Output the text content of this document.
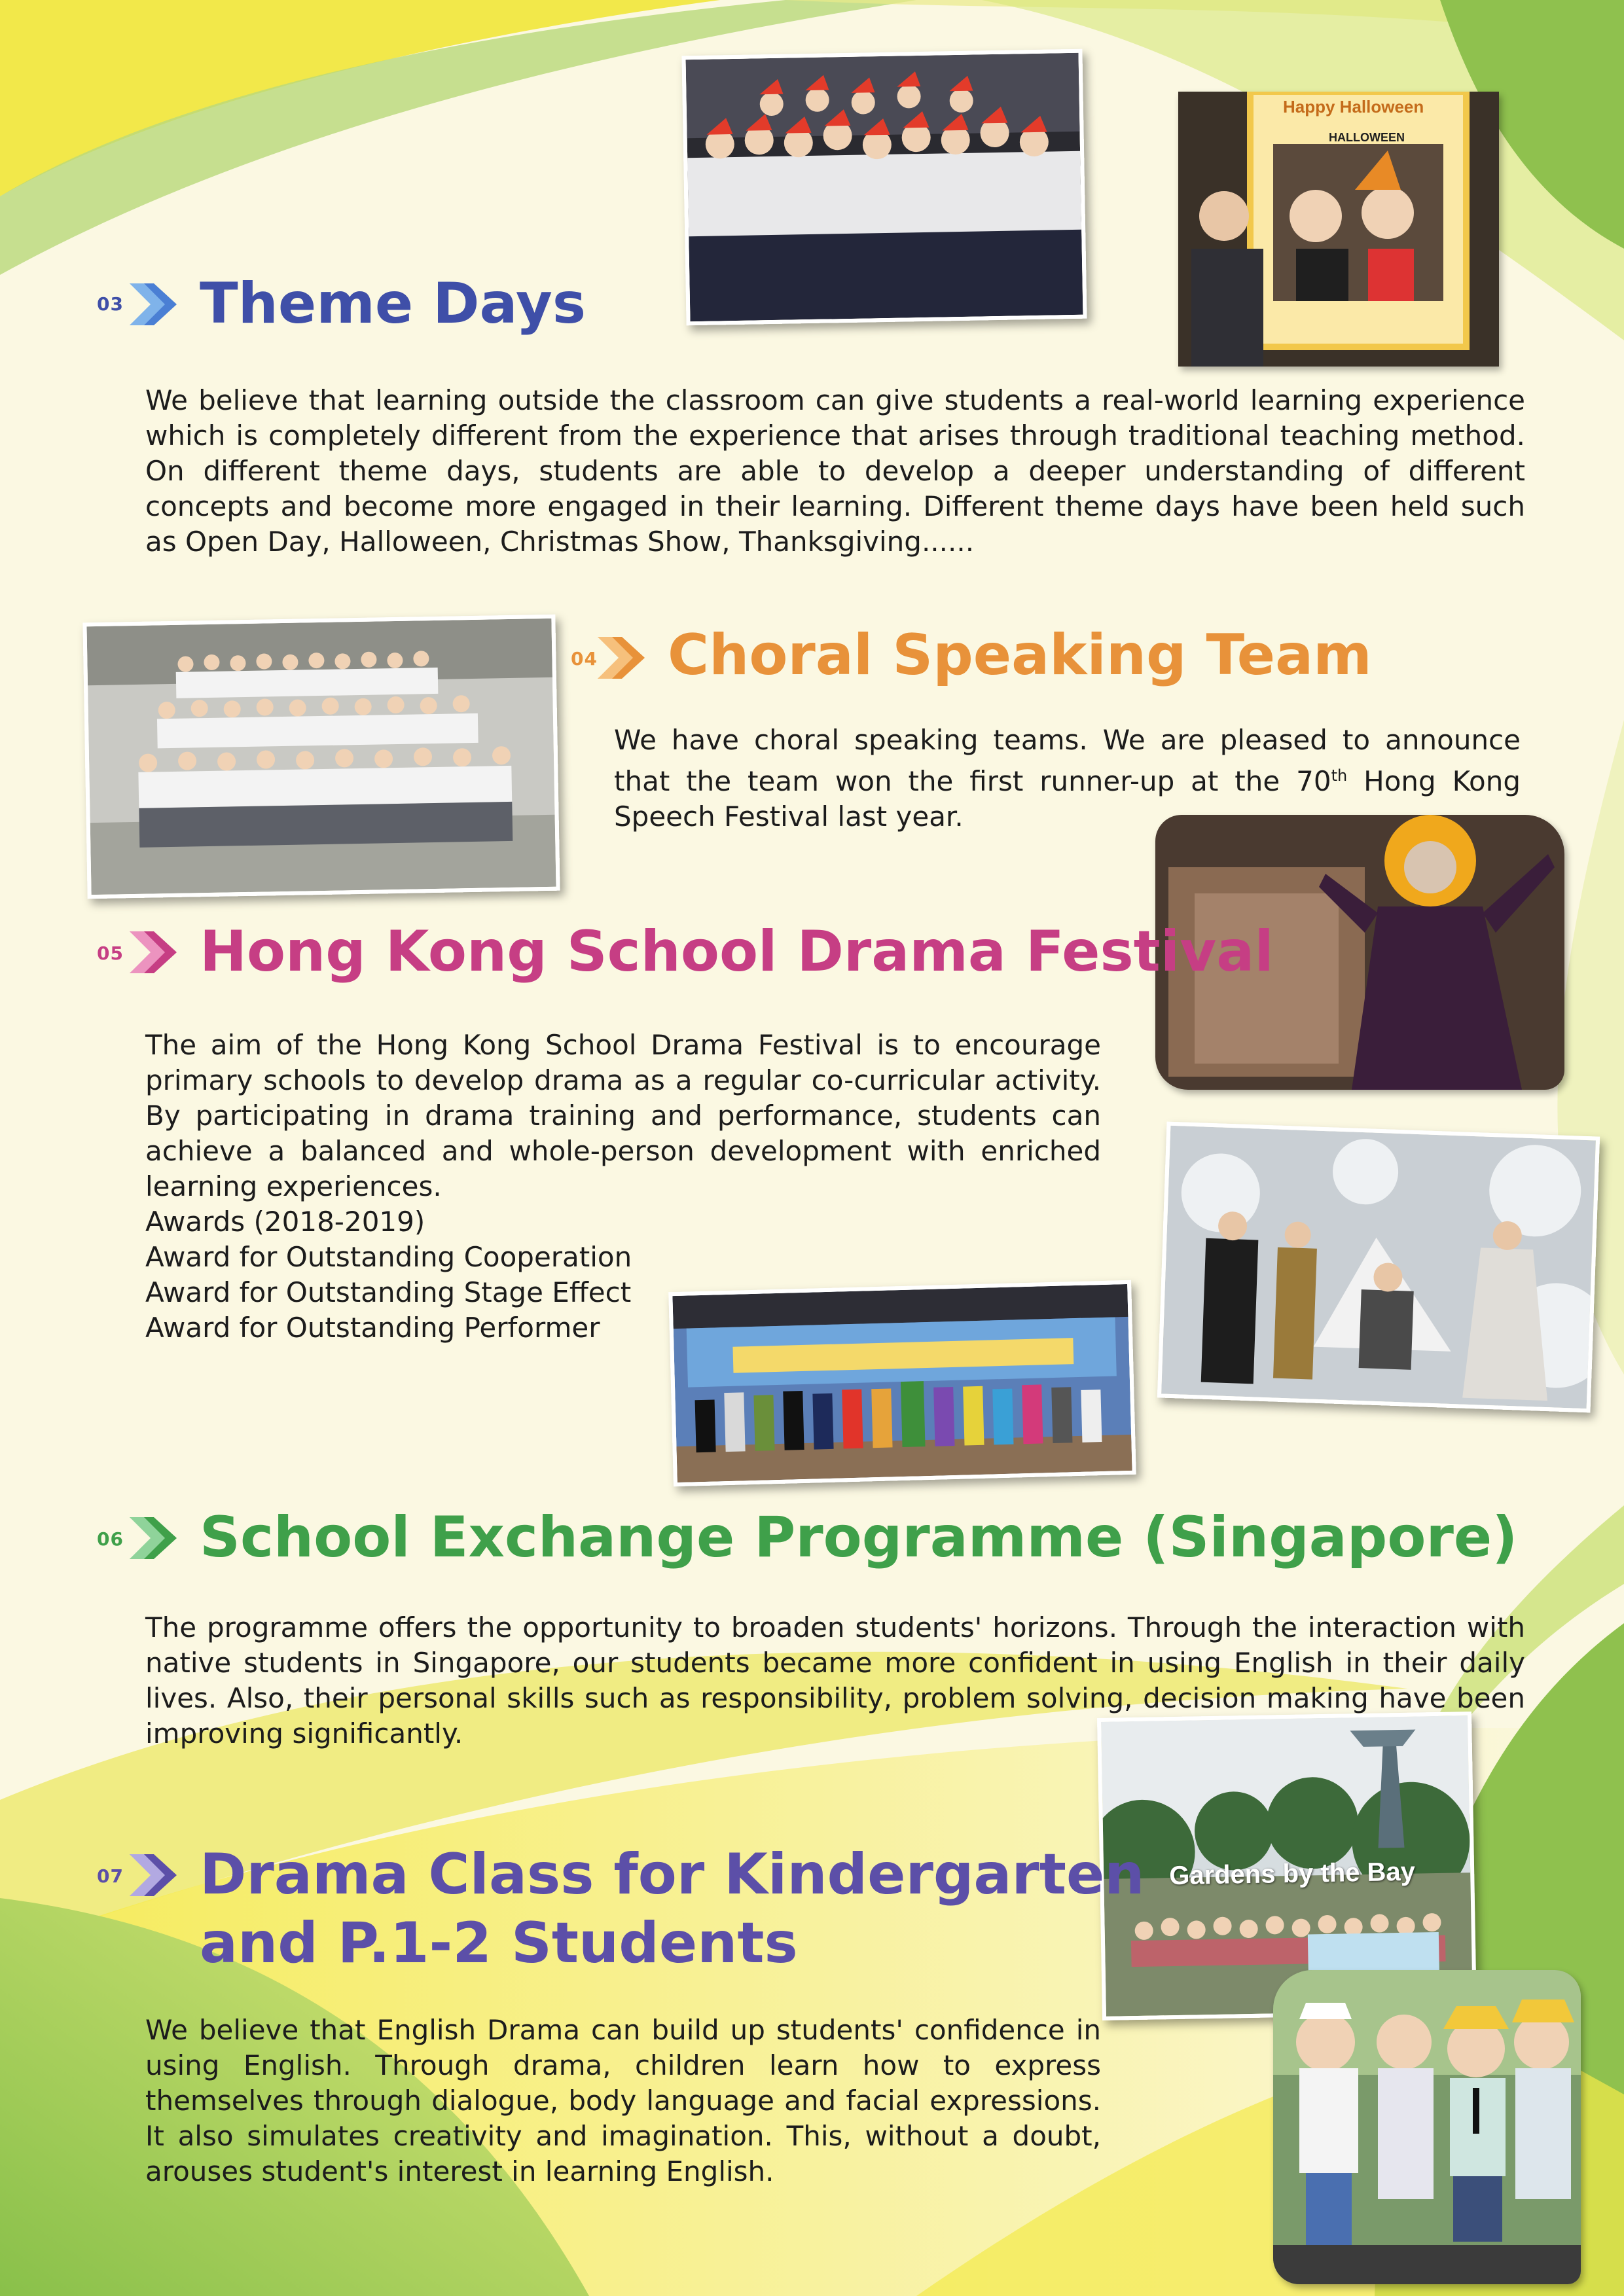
03 Theme Days

We believe that learning outside the classroom can give students a real-world learning experience which is completely different from the experience that arises through traditional teaching method. On different theme days, students are able to develop a deeper understanding of different concepts and become more engaged in their learning. Different theme days have been held such as Open Day, Halloween, Christmas Show, Thanksgiving......

Happy Halloween
HALLOWEEN
04 Choral Speaking Team

We have choral speaking teams. We are pleased to announce that the team won the first runner-up at the 70th Hong Kong Speech Festival last year.

05 Hong Kong School Drama Festival

The aim of the Hong Kong School Drama Festival is to encourage primary schools to develop drama as a regular co-curricular activity. By participating in drama training and performance, students can achieve a balanced and whole-person development with enriched learning experiences.

Awards (2018-2019)

Award for Outstanding Cooperation

Award for Outstanding Stage Effect

Award for Outstanding Performer

06 School Exchange Programme (Singapore)

The programme offers the opportunity to broaden students' horizons. Through the interaction with native students in Singapore, our students became more confident in using English in their daily lives. Also, their personal skills such as responsibility, problem solving, decision making have been improving significantly.

Gardens by the Bay
07 Drama Class for Kindergarten
and P.1-2 Students

We believe that English Drama can build up students' confidence in using English. Through drama, children learn how to express themselves through dialogue, body language and facial expressions. It also simulates creativity and imagination. This, without a doubt, arouses student's interest in learning English.
